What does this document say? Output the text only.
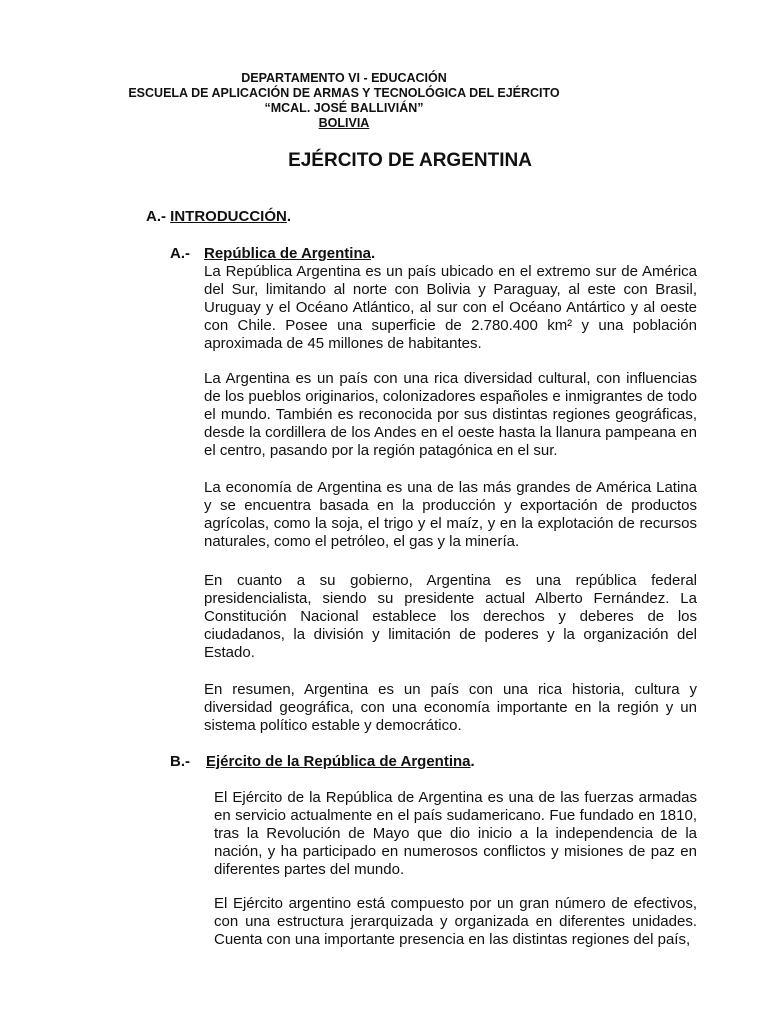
DEPARTAMENTO VI - EDUCACIÓN
ESCUELA DE APLICACIÓN DE ARMAS Y TECNOLÓGICA DEL EJÉRCITO
“MCAL. JOSÉ BALLIVIÁN”
BOLIVIA
EJÉRCITO DE ARGENTINA
A.- INTRODUCCIÓN.
A.- República de Argentina.

La República Argentina es un país ubicado en el extremo sur de América del Sur, limitando al norte con Bolivia y Paraguay, al este con Brasil, Uruguay y el Océano Atlántico, al sur con el Océano Antártico y al oeste con Chile. Posee una superficie de 2.780.400 km² y una población aproximada de 45 millones de habitantes.

La Argentina es un país con una rica diversidad cultural, con influencias de los pueblos originarios, colonizadores españoles e inmigrantes de todo el mundo. También es reconocida por sus distintas regiones geográficas, desde la cordillera de los Andes en el oeste hasta la llanura pampeana en el centro, pasando por la región patagónica en el sur.

La economía de Argentina es una de las más grandes de América Latina y se encuentra basada en la producción y exportación de productos agrícolas, como la soja, el trigo y el maíz, y en la explotación de recursos naturales, como el petróleo, el gas y la minería.

En cuanto a su gobierno, Argentina es una república federal presidencialista, siendo su presidente actual Alberto Fernández. La Constitución Nacional establece los derechos y deberes de los ciudadanos, la división y limitación de poderes y la organización del Estado.

En resumen, Argentina es un país con una rica historia, cultura y diversidad geográfica, con una economía importante en la región y un sistema político estable y democrático.

B.- Ejército de la República de Argentina.

El Ejército de la República de Argentina es una de las fuerzas armadas en servicio actualmente en el país sudamericano. Fue fundado en 1810, tras la Revolución de Mayo que dio inicio a la independencia de la nación, y ha participado en numerosos conflictos y misiones de paz en diferentes partes del mundo.

El Ejército argentino está compuesto por un gran número de efectivos, con una estructura jerarquizada y organizada en diferentes unidades. Cuenta con una importante presencia en las distintas regiones del país,
